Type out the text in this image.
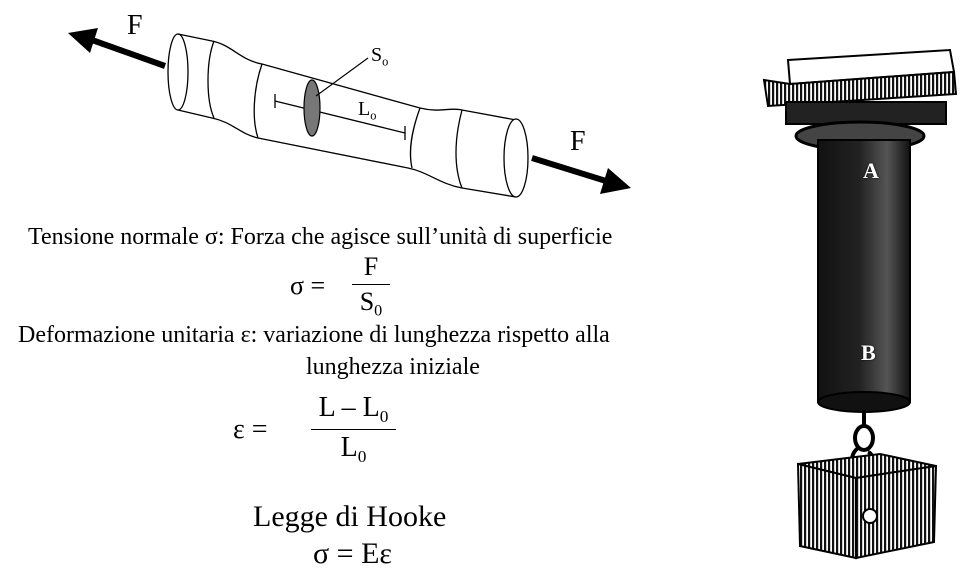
F
F
$S_o$
$L_o$
Tensione normale σ: Forza che agisce sull’unità di superficie
$\sigma = \frac{F}{S_0}$
Deformazione unitaria ε: variazione di lunghezza rispetto alla
lunghezza iniziale
$\varepsilon = \frac{L - L_0}{L_0}$
Legge di Hooke
σ = Eε
A
B
